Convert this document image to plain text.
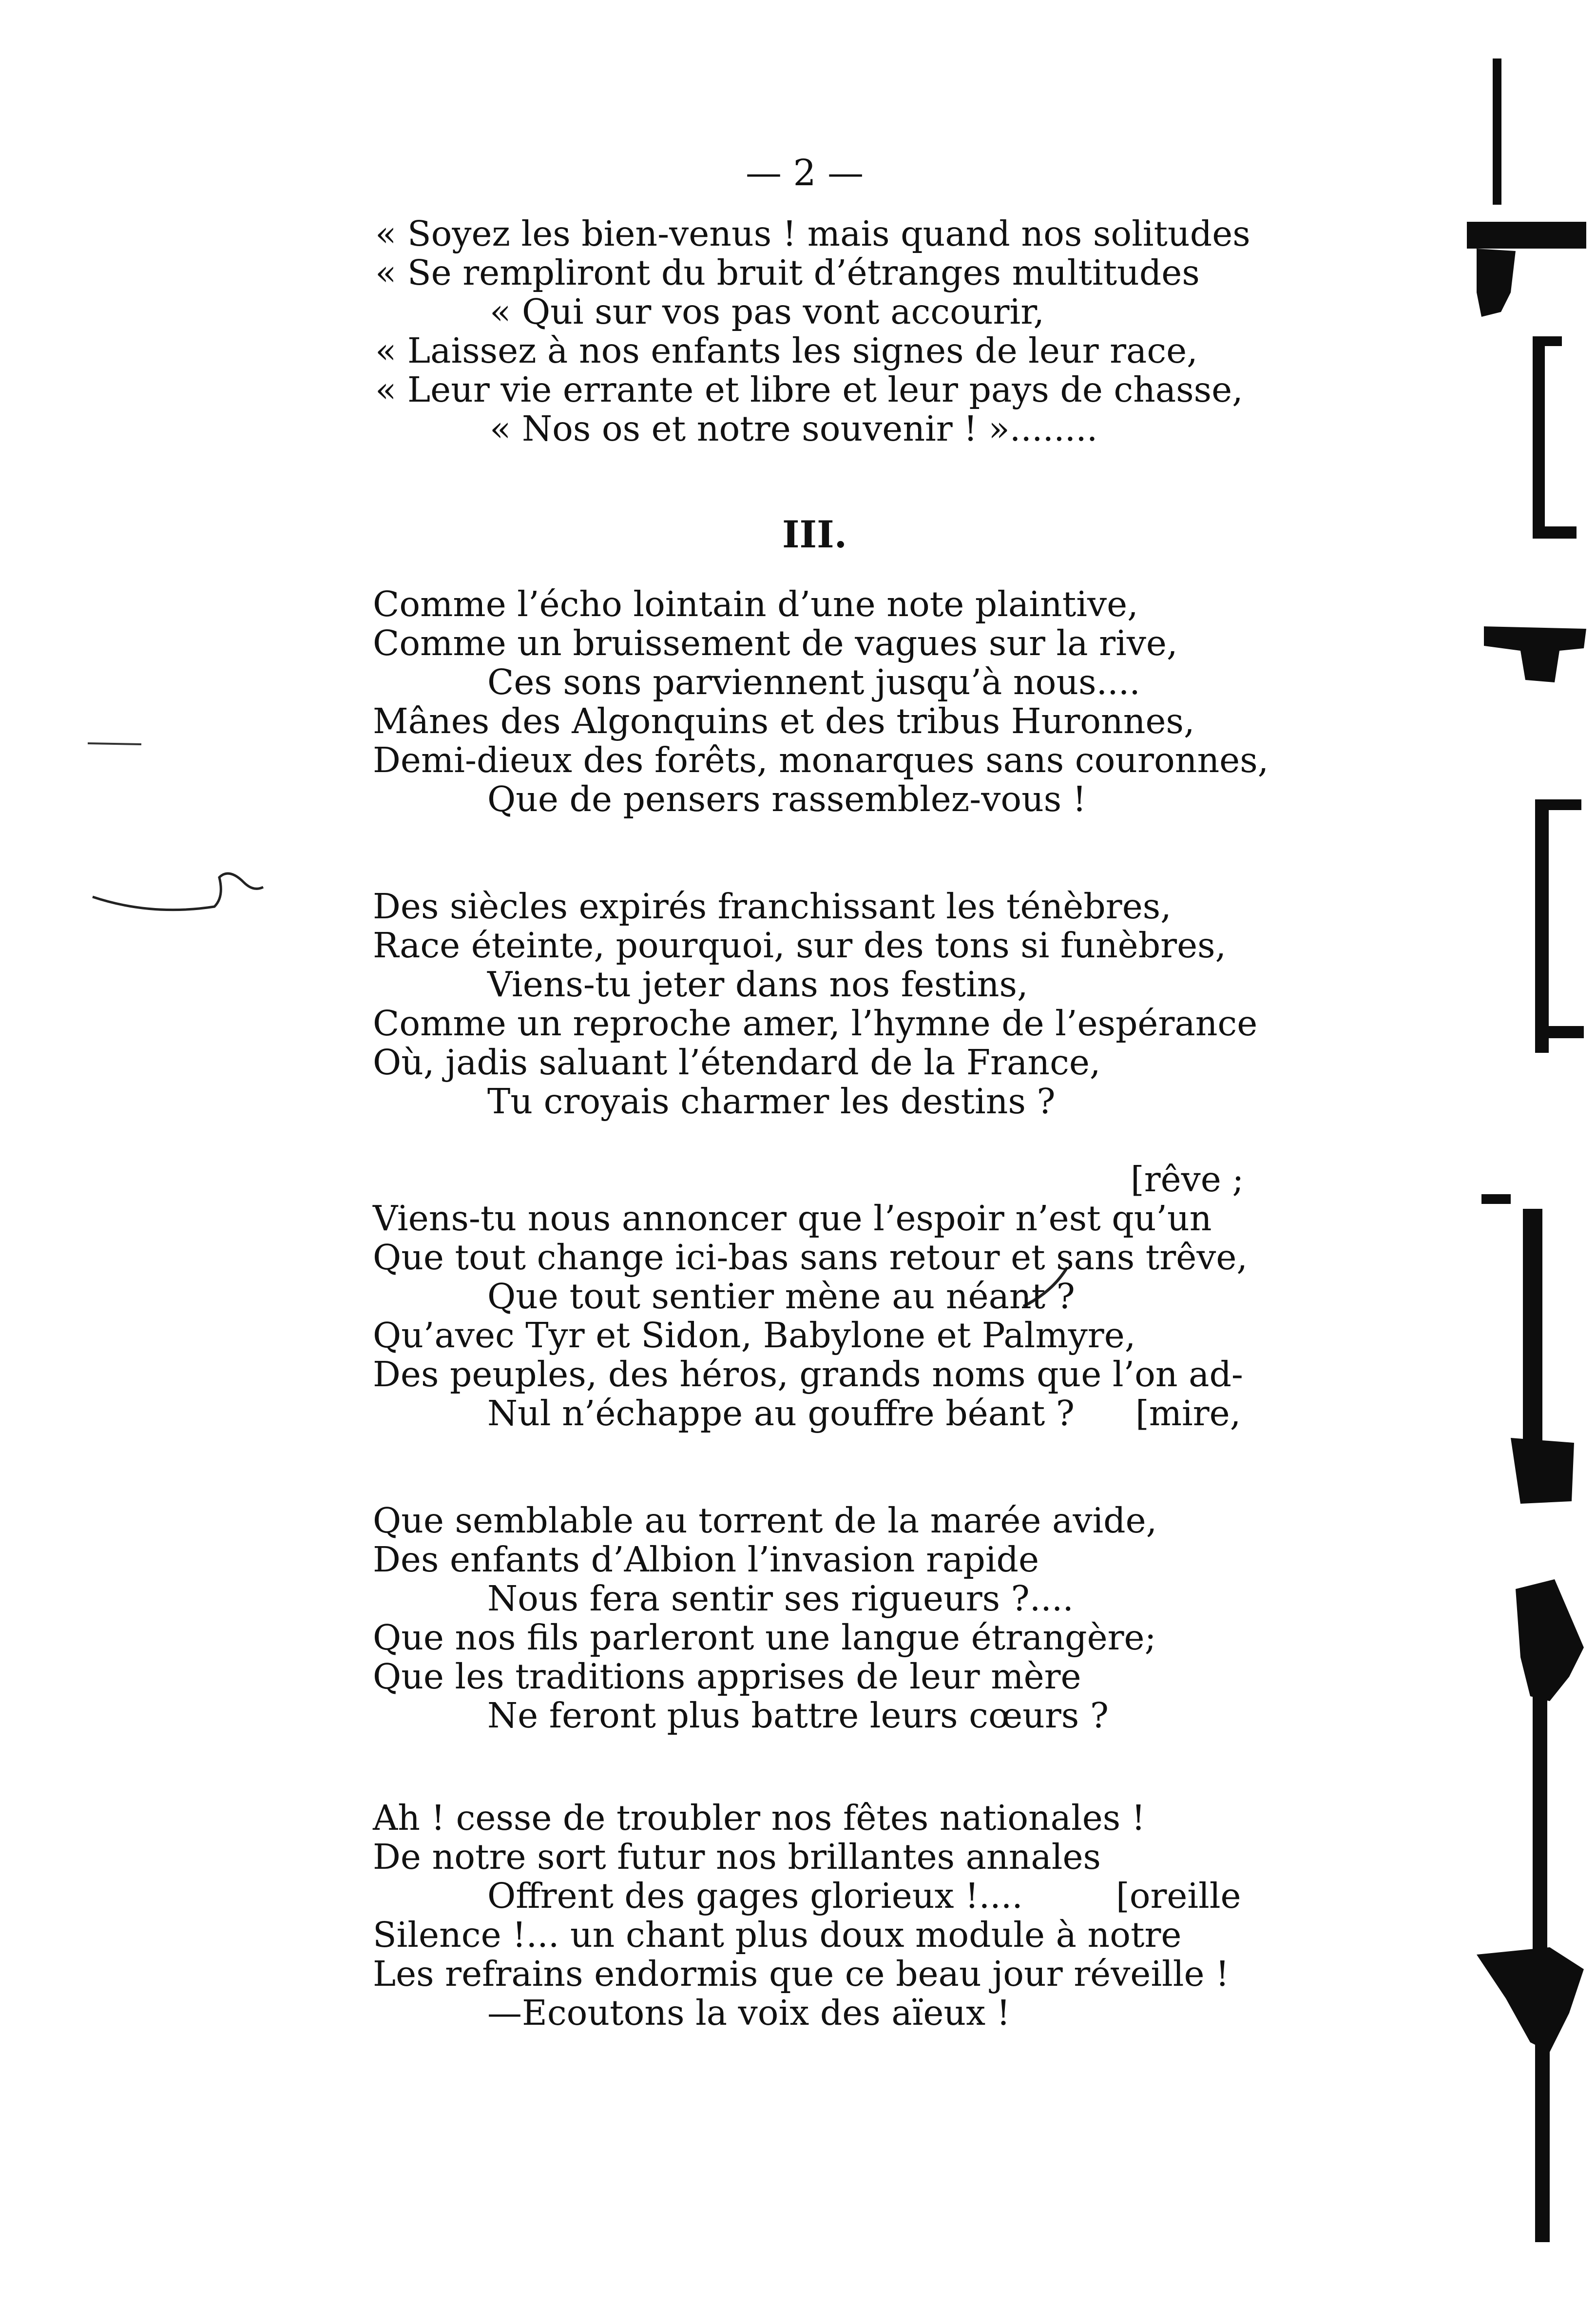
— 2 —
« Soyez les bien-venus ! mais quand nos solitudes
« Se rempliront du bruit d’étranges multitudes
« Qui sur vos pas vont accourir,
« Laissez à nos enfants les signes de leur race,
« Leur vie errante et libre et leur pays de chasse,
« Nos os et notre souvenir ! »........
III.
Comme l’écho lointain d’une note plaintive,
Comme un bruissement de vagues sur la rive,
Ces sons parviennent jusqu’à nous....
Mânes des Algonquins et des tribus Huronnes,
Demi-dieux des forêts, monarques sans couronnes,
Que de pensers rassemblez-vous !
Des siècles expirés franchissant les ténèbres,
Race éteinte, pourquoi, sur des tons si funèbres,
Viens-tu jeter dans nos festins,
Comme un reproche amer, l’hymne de l’espérance
Où, jadis saluant l’étendard de la France,
Tu croyais charmer les destins ?
[rêve ;
Viens-tu nous annoncer que l’espoir n’est qu’un
Que tout change ici-bas sans retour et sans trêve,
Que tout sentier mène au néant ?
Qu’avec Tyr et Sidon, Babylone et Palmyre,
Des peuples, des héros, grands noms que l’on ad-
Nul n’échappe au gouffre béant ? [mire,
Que semblable au torrent de la marée avide,
Des enfants d’Albion l’invasion rapide
Nous fera sentir ses rigueurs ?....
Que nos fils parleront une langue étrangère;
Que les traditions apprises de leur mère
Ne feront plus battre leurs cœurs ?
Ah ! cesse de troubler nos fêtes nationales !
De notre sort futur nos brillantes annales
Offrent des gages glorieux !....	[oreille
Silence !... un chant plus doux module à notre
Les refrains endormis que ce beau jour réveille !
—Ecoutons la voix des aïeux !
